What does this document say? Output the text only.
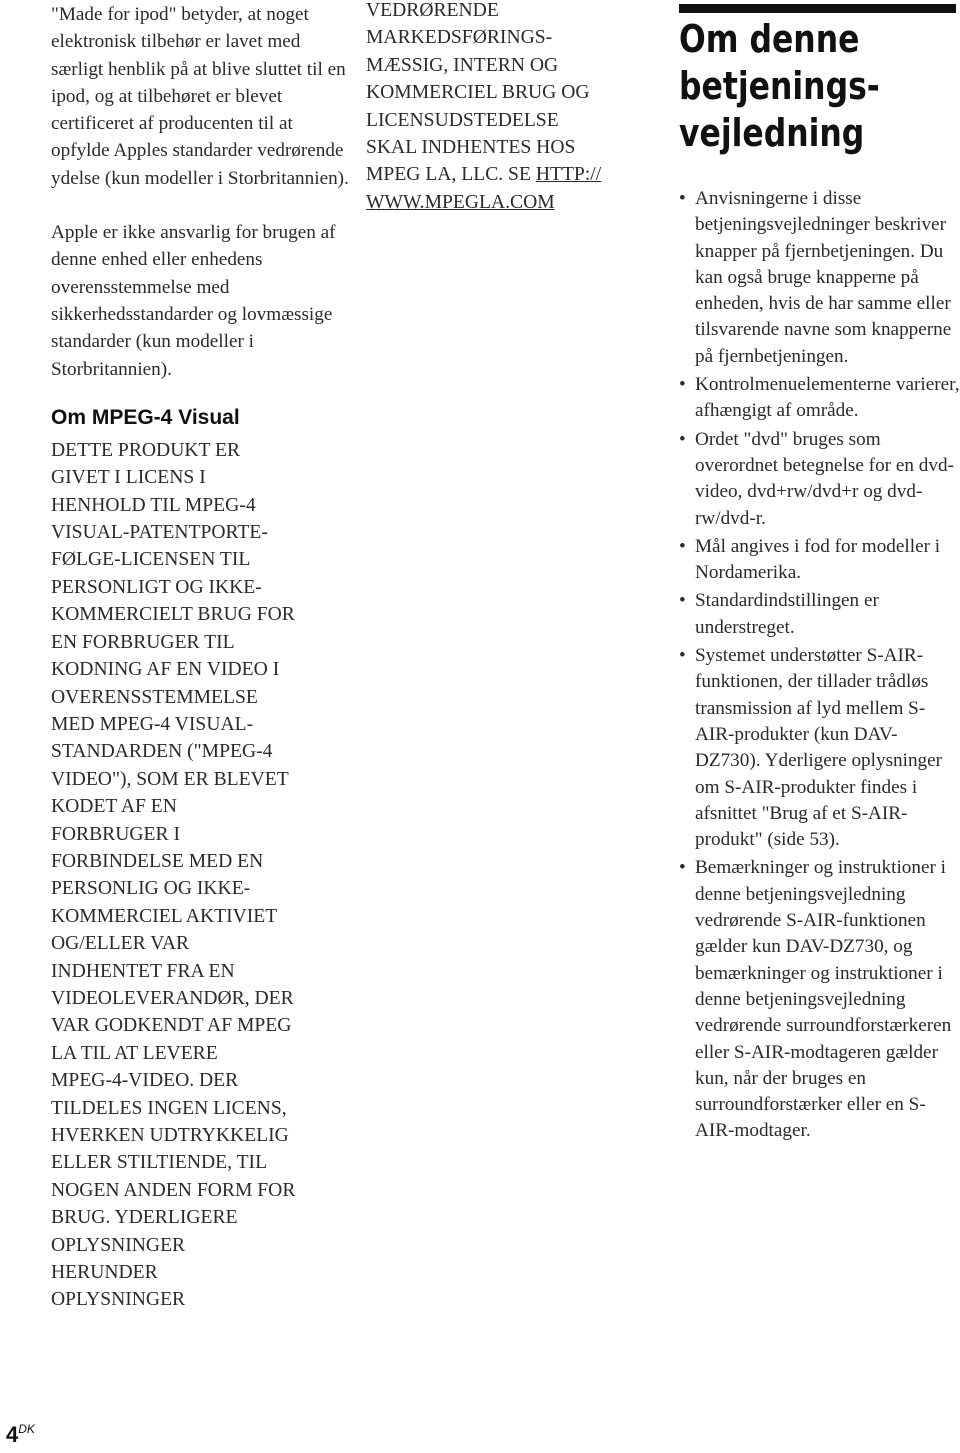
"Made for ipod" betyder, at noget elektronisk tilbehør er lavet med særligt henblik på at blive sluttet til en ipod, og at tilbehøret er blevet certificeret af producenten til at opfylde Apples standarder vedrørende ydelse (kun modeller i Storbritannien).

Apple er ikke ansvarlig for brugen af denne enhed eller enhedens overensstemmelse med sikkerhedsstandarder og lovmæssige standarder (kun modeller i Storbritannien).

Om MPEG-4 Visual
DETTE PRODUKT ER
GIVET I LICENS I
HENHOLD TIL MPEG-4
VISUAL-PATENTPORTE-
FØLGE-LICENSEN TIL
PERSONLIGT OG IKKE-
KOMMERCIELT BRUG FOR
EN FORBRUGER TIL
KODNING AF EN VIDEO I
OVERENSSTEMMELSE
MED MPEG-4 VISUAL-
STANDARDEN ("MPEG-4
VIDEO"), SOM ER BLEVET
KODET AF EN
FORBRUGER I
FORBINDELSE MED EN
PERSONLIG OG IKKE-
KOMMERCIEL AKTIVIET
OG/ELLER VAR
INDHENTET FRA EN
VIDEOLEVERANDØR, DER
VAR GODKENDT AF MPEG
LA TIL AT LEVERE
MPEG-4-VIDEO. DER
TILDELES INGEN LICENS,
HVERKEN UDTRYKKELIG
ELLER STILTIENDE, TIL
NOGEN ANDEN FORM FOR
BRUG. YDERLIGERE
OPLYSNINGER
HERUNDER
OPLYSNINGER
VEDRØRENDE
MARKEDSFØRINGS-
MÆSSIG, INTERN OG
KOMMERCIEL BRUG OG
LICENSUDSTEDELSE
SKAL INDHENTES HOS
MPEG LA, LLC. SE HTTP://
WWW.MPEGLA.COM
Om denne
betjenings-
vejledning
• Anvisningerne i disse betjeningsvejledninger beskriver knapper på fjernbetjeningen. Du kan også bruge knapperne på enheden, hvis de har samme eller tilsvarende navne som knapperne på fjernbetjeningen.
• Kontrolmenuelementerne varierer, afhængigt af område.
• Ordet "dvd" bruges som overordnet betegnelse for en dvd-video, dvd+rw/dvd+r og dvd-rw/dvd-r.
• Mål angives i fod for modeller i Nordamerika.
• Standardindstillingen er understreget.
• Systemet understøtter S-AIR-funktionen, der tillader trådløs transmission af lyd mellem S-AIR-produkter (kun DAV-DZ730). Yderligere oplysninger om S-AIR-produkter findes i afsnittet "Brug af et S-AIR-produkt" (side 53).
• Bemærkninger og instruktioner i denne betjeningsvejledning vedrørende S-AIR-funktionen gælder kun DAV-DZ730, og bemærkninger og instruktioner i denne betjeningsvejledning vedrørende surroundforstærkeren eller S-AIR-modtageren gælder kun, når der bruges en surroundforstærker eller en S-AIR-modtager.
$4^{DK}$
